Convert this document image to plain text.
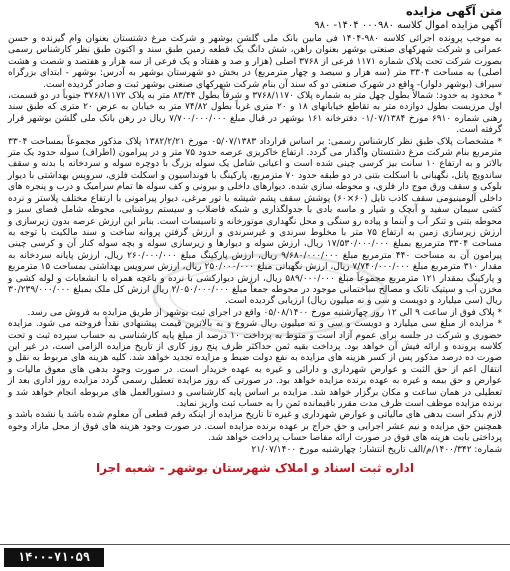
متن آگهی مزایده

آگهی مزایده اموال کلاسه ۰۰۰۹۸۰ ۱۴۰۴- ۹۸۰

به موجب پرونده اجرائی کلاسه ۹۸۰-۱۴۰۴ فی مابین بانک ملی گلشن بوشهر و شرکت مرغ دشتستان بعنوان وام گیرنده و حسن عمرانی و شرکت شهرکهای صنعتی بوشهر بعنوان راهن، شش دانگ یک قطعه زمین طبق سند و اکنون طبق نظر کارشناس رسمی بصورت شرکت تحت پلاک شماره ۱۱۷۱ فرعی از ۳۷۶۸ اصلی (هزار و صد و هفتاد و یک فرعی از سه هزار و هفتصد و شصت و هشت اصلی) به مساحت ۳۳۰۴ متر (سه هزار و سیصد و چهار مترمربع) در بخش دو شهرستان بوشهر به آدرس: بوشهر - ابتدای بزرگراه سیراف (بوشهر دلوار)- واقع در شهرک صنعتی دو که سند آن بنام شرکت شهرکهای صنعتی بوشهر ثبت و صادر گردیده است.

* محدود به حدود: شمالاً بطول چهل متر به شماره پلاک ۳۷۶۸/۱۱۷۰ و شرقاً بطول ۸۳/۴۴ متر به پلاک ۳۷۶۸/۱۱۷۲ جنوباً در دو قسمت، اول مرزیست بطول دوازده متر به تقاطع خیابانهای ۱۸ و ۲۰ متری غرباً بطول ۷۴/۸۲ متر به خیابان به عرض ۲۰ متری که طبق سند رهنی شماره ۶۹۱۰ مورخ ۰۱/۰۷/۱۳۸۴ دفترخانه ۱۶۱ بوشهر در قبال مبلغ ۷/۷۰۰/۰۰۰/۰۰۰ ریال در رهن بانک ملی گلشن بوشهر قرار گرفته است.

* مشخصات پلاک طبق نظر کارشناس رسمی: بر اساس قرارداد ۰۵/۰۷/۱۳۸۳ مورخ ۱۳۸۲/۲/۲۱ پلاک مذکور مجموعاً بمساحت ۳۳۰۴ مترمربع بنام شرکت مرغ دشتستان واگذار می گردد. ارتفاع خاکریزی عرصه حدود ۷۵ متر و در پیرامون (اطراف) سوله حدود یک متر بالاتر و به ارتفاع ۱۰ سانت بیز کرسی چینی شده است و اعیانی شامل یک سوله بزرگ با دوچره سوله و سردخانه با بدنه و سقف ساندویچ پانل، نگهبانی با اسکلت بتنی در دو طبقه حدود ۷۰ مترمربع، پارکینگ با فونداسیون و اسکلت فلزی، سرویس بهداشتی با دیوار بلوکی و سقف ورق موج دار فلزی، و محوطه سازی شده. دیوارهای داخلی و بیرونی و کف سوله ها تمام سرامیک و درب و پنجره های داخلی آلومینیومی سقف کاذب تایل (۶۰×۶۰) پوشش سقف پشم شیشه با تور مرغی، دیوار پیرامونی با ارتفاع مختلف پلاستر و نرده کشی سیمان سفید و آبچک و شیار و ماسه بادی با جدولگذاری و شبکه فاضلاب و سیستم روشنایی، محوطه شامل فضای سبز و محوطه بتنی و تنکر آب و آبنما و پیاده رو سنگی و محل نگهداری موتورخانه و تاسیسات است. بنابر این ارزش عرصه بدون زیرسازی و ارزش زیرسازی زمین به ارتفاع ۷۵ متر با مخلوط سرندی و غیرسرندی و ارزش گرفتن پروانه ساخت و سند مالکیت با توجه به مساحت ۳۳۰۴ مترمربع بمبلغ ۱۷/۵۳۰/۰۰۰/۰۰۰ ریال، ارزش سوله و دیوارها و زیرسازی سوله و بچه سوله کنار آن و کرسی چینی پیرامون آن به مساحت ۴۴۰ مترمربع مبلغ ۹/۶۸۰/۰۰۰/۰۰۰ ریال، ارزش پارکینگ مبلغ ۲۶۰/۰۰۰/۰۰۰ ریال، ارزش پایانه سردخانه به مقدار ۳۱۰ مترمربع مبلغ ۷/۷۴۰/۰۰۰/۰۰۰ ریال، ارزش نگهبانی مبلغ ۲۵۰/۰۰۰/۰۰۰ ریال، ارزش سرویس بهداشتی بمساحت ۱۵ مترمربع و پارکینگ بمقدار ۱۲۱ مترمربع مجموعاً مبلغ ۵۸۹/۰۰۰/۰۰۰ ریال، ارزش دیوارکشی با نرده و باغچه همراه با انشعابات و لوله کشی و مخزن آب و سپتیک تانک و مصالح ساختمانی موجود در محوطه جمعاً مبلغ ۲/۰۵۰/۰۰۰/۰۰۰ ریال ارزش کل ملک بمبلغ ۳۰/۲۳۹/۰۰۰/۰۰۰ ریال (سی میلیارد و دویست و سی و نه میلیون ریال) ارزیابی گردیده است.

* پلاک فوق از ساعت ۹ الی ۱۲ روز چهارشنبه مورخ ۰۵/۰۸/۱۴۰۰ واقع در اجرای ثبت بوشهر از طریق مزایده به فروش می رسد.

* مزایده از مبلغ سی میلیارد و دویست و سی و نه میلیون ریال شروع و به بالاترین قیمت پیشنهادی نقداً فروخته می شود. مزایده حضوری و شرکت در جلسه برای عموم آزاد است و منوط به پرداخت ۱۰ درصد از مبلغ پایه کارشناسی به حساب سپرده ثبت و تحت کلاسه پرونده و ارائه فیش آن خواهد بود. پرداخت بقیه ثمن حداکثر ظرف پنج روز کاری از تاریخ مزایده الزامی است، در غیر این صورت ده درصد مذکور پس از کسر هزینه های مزایده به نفع دولت ضبط و مزایده تجدید خواهد شد. کلیه هزینه های مربوط به نقل و انتقال اعم از حق الثبت و عوارض شهرداری و دارائی و غیره به عهده خریدار است. در صورت وجود بدهی های معوق مالیات و عوارض و حق بیمه و غیره به عهده برنده مزایده خواهد بود. در صورتی که روز مزایده تعطیل رسمی گردد مزایده روز اداری بعد از تعطیلی در همان ساعت و مکان برگزار خواهد شد. مزایده بر اساس پایه کارشناسی و دستورالعمل های مربوطه انجام خواهد شد و برنده مزایده موظف است ظرف مدت مقرر باقیمانده ثمن را به حساب ثبت واریز نماید.

لازم بذکر است بدهی های مالیاتی و عوارض شهرداری و غیره تا تاریخ مزایده از اینکه رقم قطعی آن معلوم شده باشد یا نشده باشد و همچنین حق مزایده و نیم عشر اجرایی و حق حراج بر عهده برنده مزایده است. در صورت وجود هزینه های فوق از محل مازاد وجوه پرداختی بابت هزینه های فوق در صورت ارائه مفاصا حساب پرداخت خواهد شد.

شماره: ۱۴۰۰/۳۴۲/م/الف تاریخ انتشار: چهارشنبه مورخ ۲۱/۰۷/۱۴۰۰

اداره ثبت اسناد و املاک شهرستان بوشهر - شعبه اجرا
۱۴۰۰-۷۱۰۵۹
